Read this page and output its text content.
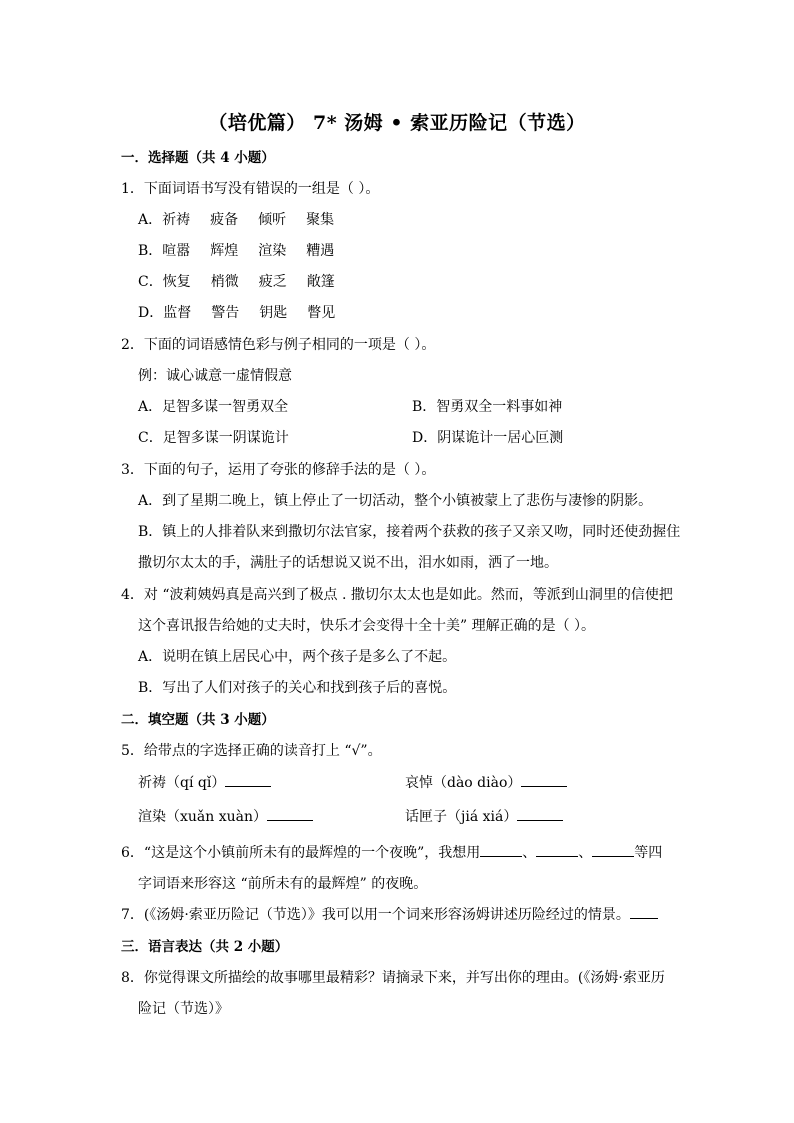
（培优篇） 7* 汤姆 • 索亚历险记（节选）
一．选择题（共 4 小题）
1．下面词语书写没有错误的一组是（ ）。
A．祈祷 疲备 倾听 聚集
B．喧嚣 辉煌 渲染 糟遇
C．恢复 梢微 疲乏 敞篷
D．监督 警告 钥匙 瞥见
2．下面的词语感情色彩与例子相同的一项是（ ）。
例：诚心诚意一虚情假意
A．足智多谋一智勇双全	B．智勇双全一料事如神
C．足智多谋一阴谋诡计	D．阴谋诡计一居心叵测
3．下面的句子，运用了夸张的修辞手法的是（ ）。
A．到了星期二晚上，镇上停止了一切活动，整个小镇被蒙上了悲伤与凄惨的阴影。
B．镇上的人排着队来到撒切尔法官家，接着两个获救的孩子又亲又吻，同时还使劲握住
撒切尔太太的手，满肚子的话想说又说不出，泪水如雨，洒了一地。
4．对 “波莉姨妈真是高兴到了极点 . 撒切尔太太也是如此。然而，等派到山洞里的信使把
这个喜讯报告给她的丈夫时，快乐才会变得十全十美” 理解正确的是（ ）。
A．说明在镇上居民心中，两个孩子是多么了不起。
B．写出了人们对孩子的关心和找到孩子后的喜悦。
二．填空题（共 3 小题）
5．给带点的字选择正确的读音打上 “√”。
祈祷（qí qǐ）	哀悼（dào diào）
渲染（xuǎn xuàn）	话匣子（jiá xiá）
6．“这是这个小镇前所未有的最辉煌的一个夜晚”，我想用	、	、	等四
字词语来形容这 “前所未有的最辉煌” 的夜晚。
7．(《汤姆·索亚历险记（节选）》我可以用一个词来形容汤姆讲述历险经过的情景。
三．语言表达（共 2 小题）
8．你觉得课文所描绘的故事哪里最精彩？请摘录下来，并写出你的理由。(《汤姆·索亚历
险记（节选）》
